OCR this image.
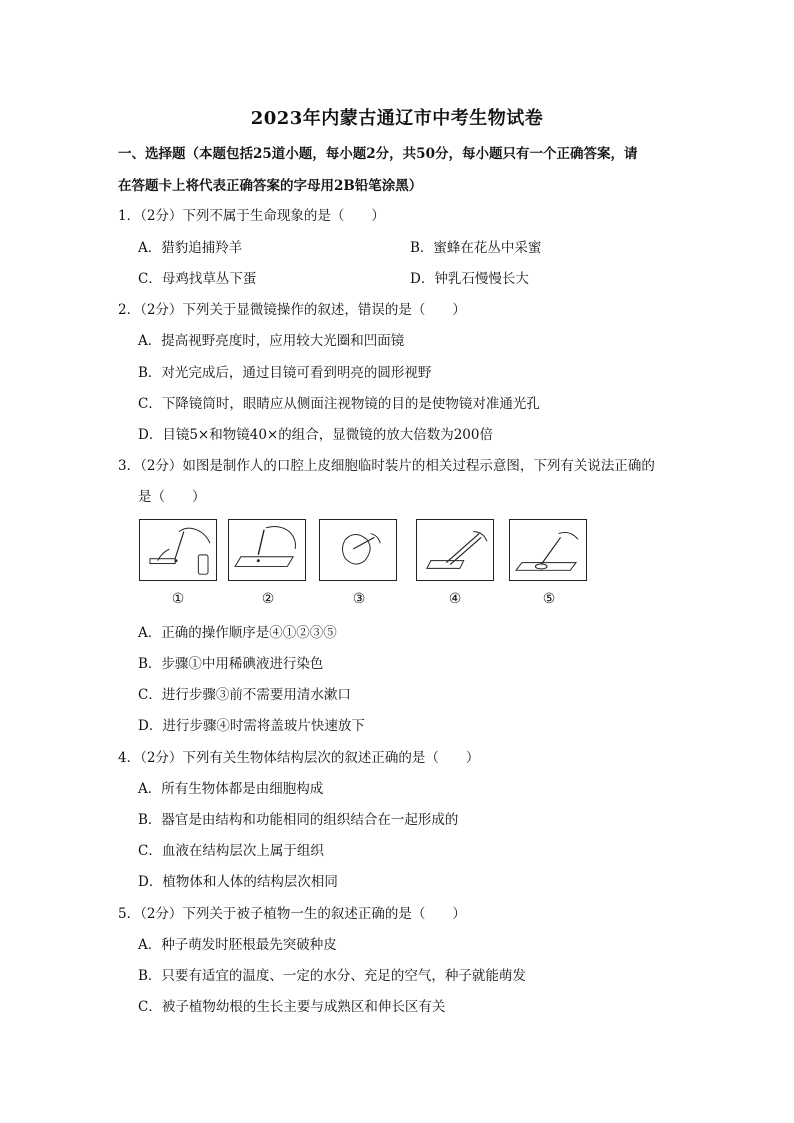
2023年内蒙古通辽市中考生物试卷
一、选择题（本题包括25道小题，每小题2分，共50分，每小题只有一个正确答案，请
在答题卡上将代表正确答案的字母用2B铅笔涂黑）
1．（2分）下列不属于生命现象的是（　　）
A．猎豹追捕羚羊	B．蜜蜂在花丛中采蜜
C．母鸡找草丛下蛋	D．钟乳石慢慢长大
2．（2分）下列关于显微镜操作的叙述，错误的是（　　）
A．提高视野亮度时，应用较大光圈和凹面镜
B．对光完成后，通过目镜可看到明亮的圆形视野
C．下降镜筒时，眼睛应从侧面注视物镜的目的是使物镜对准通光孔
D．目镜5×和物镜40×的组合，显微镜的放大倍数为200倍
3．（2分）如图是制作人的口腔上皮细胞临时装片的相关过程示意图，下列有关说法正确的
是（　　）
①	②	③	④	⑤
A．正确的操作顺序是④①②③⑤
B．步骤①中用稀碘液进行染色
C．进行步骤③前不需要用清水漱口
D．进行步骤④时需将盖玻片快速放下
4．（2分）下列有关生物体结构层次的叙述正确的是（　　）
A．所有生物体都是由细胞构成
B．器官是由结构和功能相同的组织结合在一起形成的
C．血液在结构层次上属于组织
D．植物体和人体的结构层次相同
5．（2分）下列关于被子植物一生的叙述正确的是（　　）
A．种子萌发时胚根最先突破种皮
B．只要有适宜的温度、一定的水分、充足的空气，种子就能萌发
C．被子植物幼根的生长主要与成熟区和伸长区有关
